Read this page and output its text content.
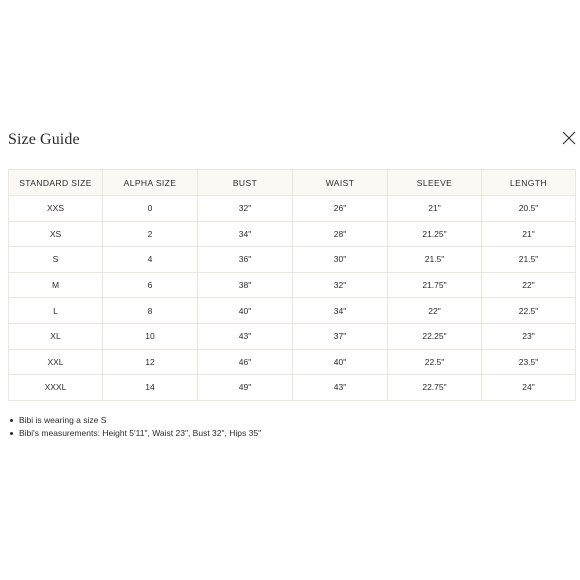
Size Guide
STANDARD SIZE	ALPHA SIZE	BUST	WAIST	SLEEVE	LENGTH
XXS	0	32"	26"	21"	20.5"
XS	2	34"	28"	21.25"	21"
S	4	36"	30"	21.5"	21.5"
M	6	38"	32"	21.75"	22"
L	8	40"	34"	22"	22.5"
XL	10	43"	37"	22.25"	23"
XXL	12	46"	40"	22.5"	23.5"
XXXL	14	49"	43"	22.75"	24"
Bibi is wearing a size S
Bibi's measurements: Height 5'11", Waist 23", Bust 32", Hips 35"
